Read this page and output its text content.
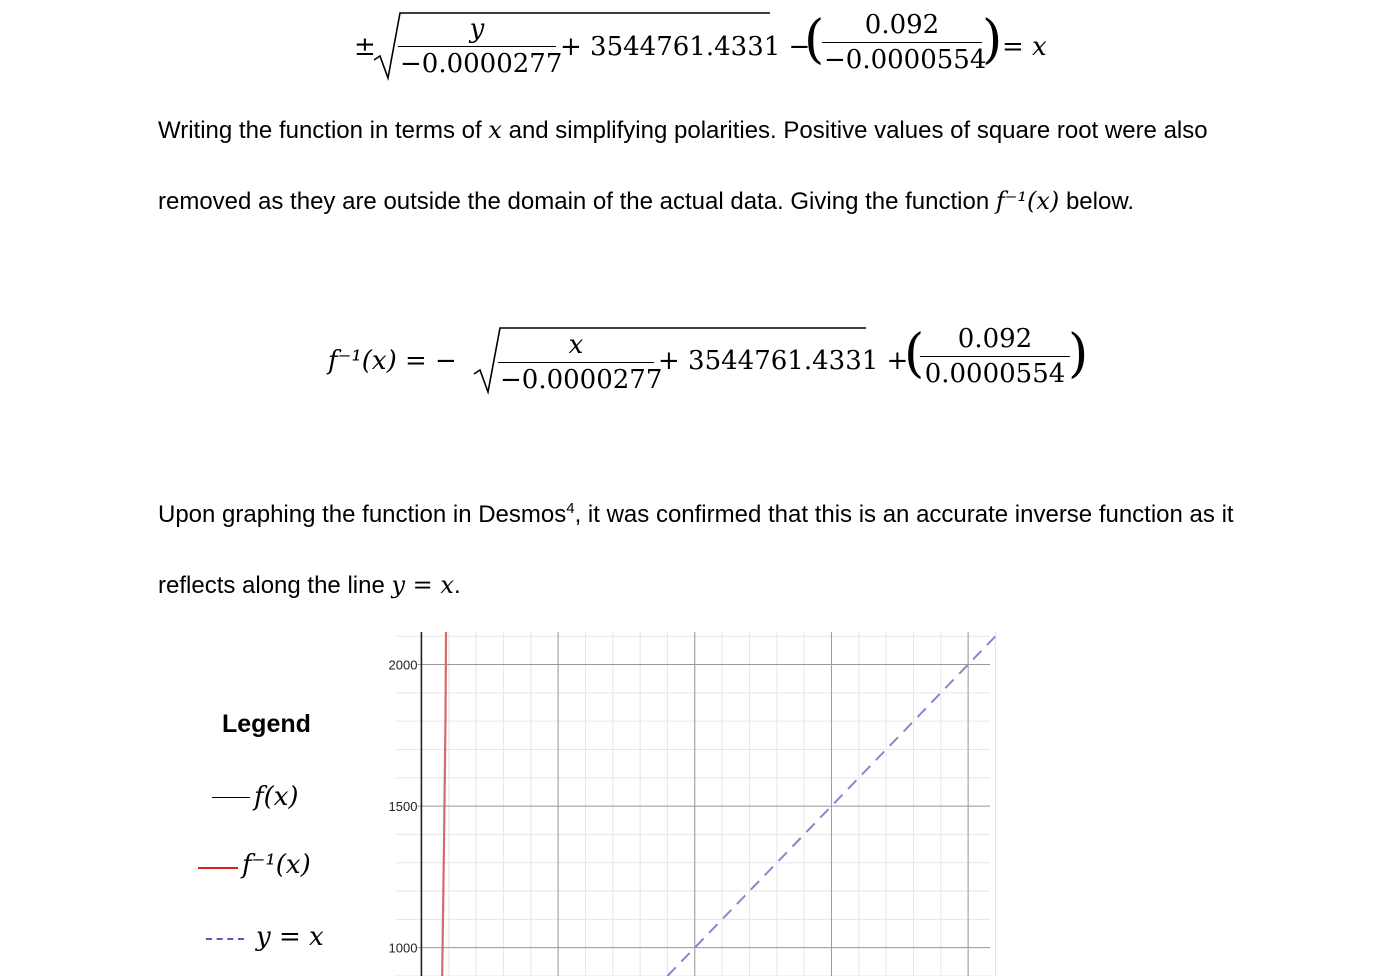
± $\frac{y}{-0.0000277} + 3544761.4331$ −
(
$\frac{0.092}{-0.0000554}$ ) = x

Writing the function in terms of x and simplifying polarities. Positive values of square root were also removed as they are outside the domain of the actual data. Giving the function f⁻¹(x) below.

f⁻¹(x) = − $\frac{x}{-0.0000277} + 3544761.4331$ +
(
$\frac{0.092}{0.0000554}$
)

Upon graphing the function in Desmos$^4$, it was confirmed that this is an accurate inverse function as it reflects along the line y = x.

Legend
f(x)
f⁻¹(x)
y = x
2000
1500
1000
